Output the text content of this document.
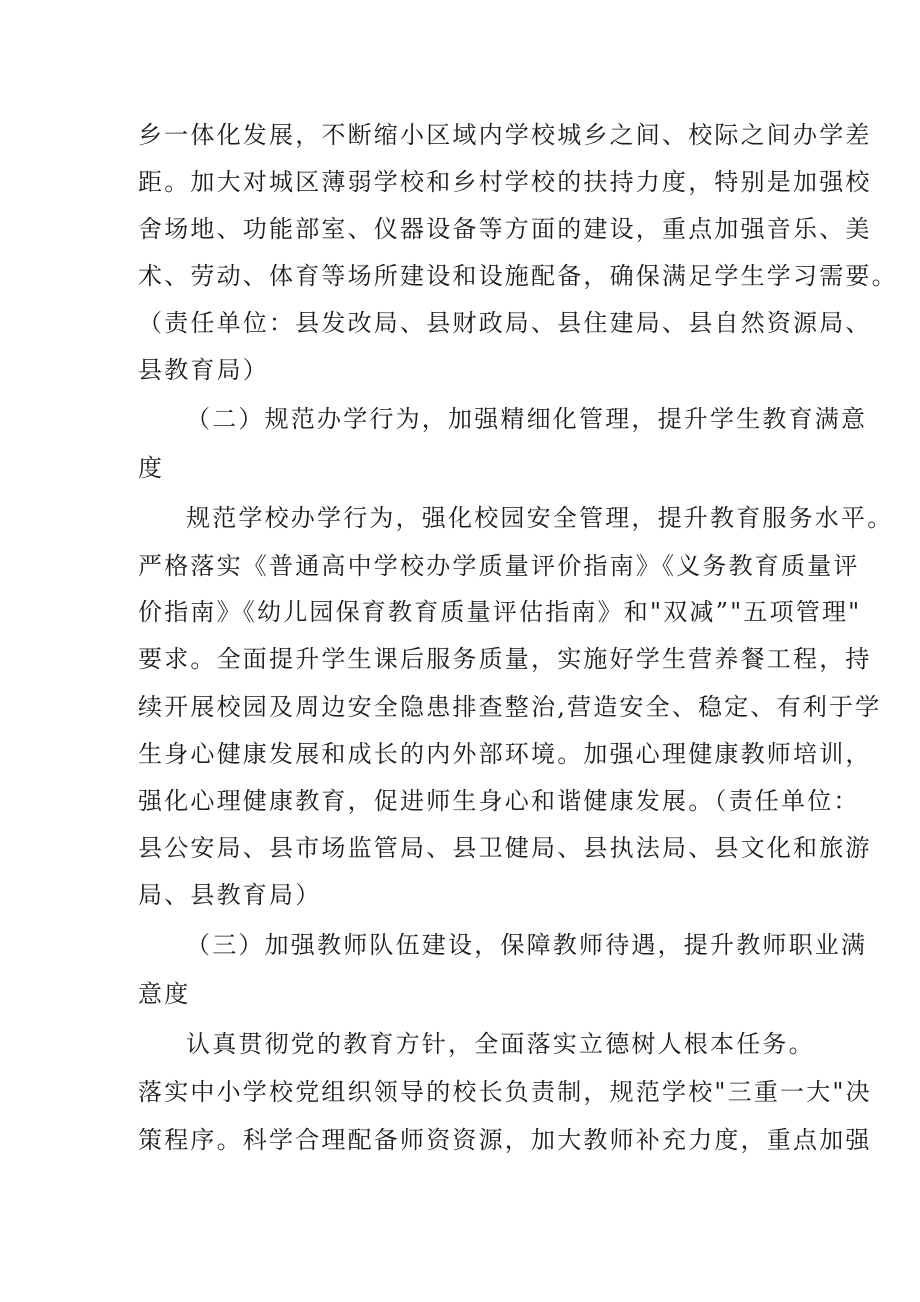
乡一体化发展，不断缩小区域内学校城乡之间、校际之间办学差
距。加大对城区薄弱学校和乡村学校的扶持力度，特别是加强校
舍场地、功能部室、仪器设备等方面的建设，重点加强音乐、美
术、劳动、体育等场所建设和设施配备，确保满足学生学习需要。
（责任单位：县发改局、县财政局、县住建局、县自然资源局、
县教育局）
（二）规范办学行为，加强精细化管理，提升学生教育满意
度
规范学校办学行为，强化校园安全管理，提升教育服务水平。
严格落实《普通高中学校办学质量评价指南》《义务教育质量评
价指南》《幼儿园保育教育质量评估指南》和"双减”"五项管理"
要求。全面提升学生课后服务质量，实施好学生营养餐工程，持
续开展校园及周边安全隐患排查整治,营造安全、稳定、有利于学
生身心健康发展和成长的内外部环境。加强心理健康教师培训，
强化心理健康教育，促进师生身心和谐健康发展。（责任单位：
县公安局、县市场监管局、县卫健局、县执法局、县文化和旅游
局、县教育局）
（三）加强教师队伍建设，保障教师待遇，提升教师职业满
意度
认真贯彻党的教育方针，全面落实立德树人根本任务。
落实中小学校党组织领导的校长负责制，规范学校"三重一大"决
策程序。科学合理配备师资资源，加大教师补充力度，重点加强
